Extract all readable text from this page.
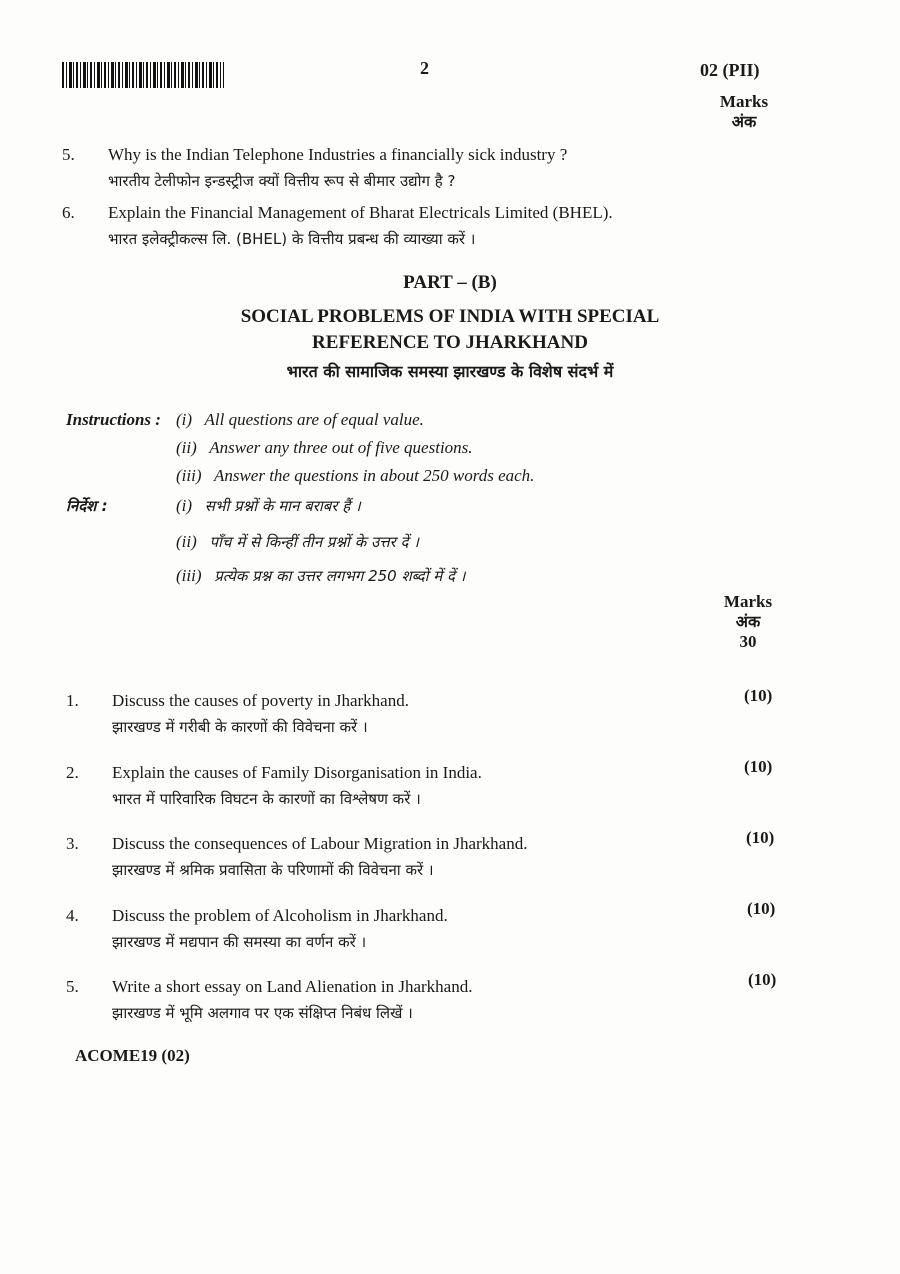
2	02 (PII)
Marks
अंक
5. Why is the Indian Telephone Industries a financially sick industry ?
भारतीय टेलीफोन इन्डस्ट्रीज क्यों वित्तीय रूप से बीमार उद्योग है ?
6. Explain the Financial Management of Bharat Electricals Limited (BHEL).
भारत इलेक्ट्रीकल्स लि. (BHEL) के वित्तीय प्रबन्ध की व्याख्या करें ।
PART – (B)
SOCIAL PROBLEMS OF INDIA WITH SPECIAL
REFERENCE TO JHARKHAND
भारत की सामाजिक समस्या झारखण्ड के विशेष संदर्भ में
Instructions : (i) All questions are of equal value.
(ii) Answer any three out of five questions.
(iii) Answer the questions in about 250 words each.
निर्देश :	(i) सभी प्रश्नों के मान बराबर हैं ।
(ii) पाँच में से किन्हीं तीन प्रश्नों के उत्तर दें ।
(iii) प्रत्येक प्रश्न का उत्तर लगभग 250 शब्दों में दें ।
Marks
अंक
30
1. Discuss the causes of poverty in Jharkhand.
झारखण्ड में गरीबी के कारणों की विवेचना करें ।
(10)
2. Explain the causes of Family Disorganisation in India.
भारत में पारिवारिक विघटन के कारणों का विश्लेषण करें ।
(10)
3. Discuss the consequences of Labour Migration in Jharkhand.
झारखण्ड में श्रमिक प्रवासिता के परिणामों की विवेचना करें ।
(10)
4. Discuss the problem of Alcoholism in Jharkhand.
झारखण्ड में मद्यपान की समस्या का वर्णन करें ।
(10)
5. Write a short essay on Land Alienation in Jharkhand.
झारखण्ड में भूमि अलगाव पर एक संक्षिप्त निबंध लिखें ।
(10)
ACOME19 (02)
